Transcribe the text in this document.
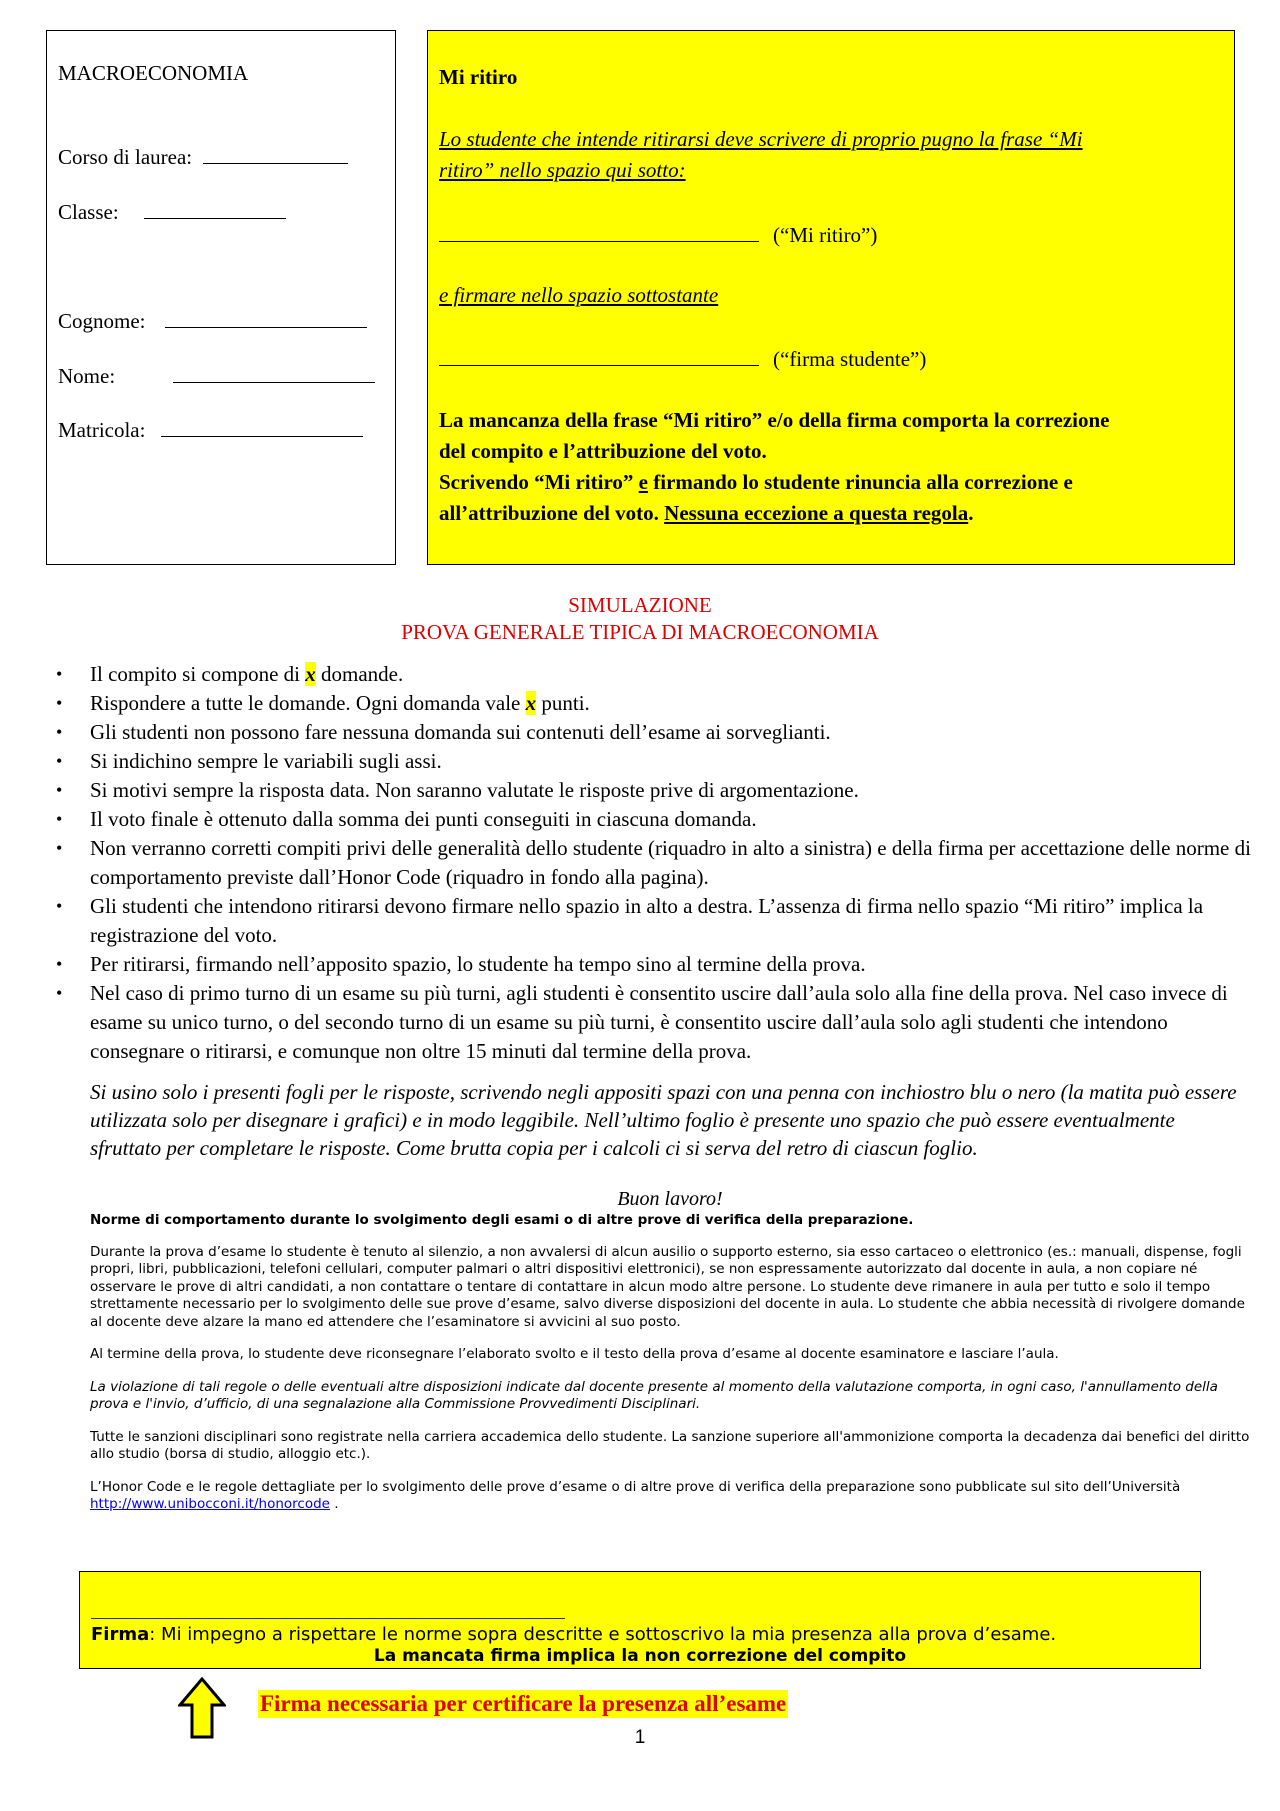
MACROECONOMIA
Corso di laurea:
Classe:
Cognome:
Nome:
Matricola:
Mi ritiro
Lo studente che intende ritirarsi deve scrivere di proprio pugno la frase “Mi
ritiro” nello spazio qui sotto:
(“Mi ritiro”)
e firmare nello spazio sottostante
(“firma studente”)
La mancanza della frase “Mi ritiro” e/o della firma comporta la correzione
del compito e l’attribuzione del voto.
Scrivendo “Mi ritiro” e firmando lo studente rinuncia alla correzione e
all’attribuzione del voto. Nessuna eccezione a questa regola.
SIMULAZIONE
PROVA GENERALE TIPICA DI MACROECONOMIA
• Il compito si compone di x domande.
• Rispondere a tutte le domande. Ogni domanda vale x punti.
• Gli studenti non possono fare nessuna domanda sui contenuti dell’esame ai sorveglianti.
• Si indichino sempre le variabili sugli assi.
• Si motivi sempre la risposta data. Non saranno valutate le risposte prive di argomentazione.
• Il voto finale è ottenuto dalla somma dei punti conseguiti in ciascuna domanda.
• Non verranno corretti compiti privi delle generalità dello studente (riquadro in alto a sinistra) e della firma per accettazione delle norme di comportamento previste dall’Honor Code (riquadro in fondo alla pagina).
• Gli studenti che intendono ritirarsi devono firmare nello spazio in alto a destra. L’assenza di firma nello spazio “Mi ritiro” implica la registrazione del voto.
• Per ritirarsi, firmando nell’apposito spazio, lo studente ha tempo sino al termine della prova.
• Nel caso di primo turno di un esame su più turni, agli studenti è consentito uscire dall’aula solo alla fine della prova. Nel caso invece di esame su unico turno, o del secondo turno di un esame su più turni, è consentito uscire dall’aula solo agli studenti che intendono consegnare o ritirarsi, e comunque non oltre 15 minuti dal termine della prova.

Si usino solo i presenti fogli per le risposte, scrivendo negli appositi spazi con una penna con inchiostro blu o nero (la matita può essere utilizzata solo per disegnare i grafici) e in modo leggibile. Nell’ultimo foglio è presente uno spazio che può essere eventualmente sfruttato per completare le risposte. Come brutta copia per i calcoli ci si serva del retro di ciascun foglio.

Buon lavoro!

Norme di comportamento durante lo svolgimento degli esami o di altre prove di verifica della preparazione.

Durante la prova d’esame lo studente è tenuto al silenzio, a non avvalersi di alcun ausilio o supporto esterno, sia esso cartaceo o elettronico (es.: manuali, dispense, fogli propri, libri, pubblicazioni, telefoni cellulari, computer palmari o altri dispositivi elettronici), se non espressamente autorizzato dal docente in aula, a non copiare né osservare le prove di altri candidati, a non contattare o tentare di contattare in alcun modo altre persone. Lo studente deve rimanere in aula per tutto e solo il tempo strettamente necessario per lo svolgimento delle sue prove d’esame, salvo diverse disposizioni del docente in aula. Lo studente che abbia necessità di rivolgere domande al docente deve alzare la mano ed attendere che l’esaminatore si avvicini al suo posto.

Al termine della prova, lo studente deve riconsegnare l’elaborato svolto e il testo della prova d’esame al docente esaminatore e lasciare l’aula.

La violazione di tali regole o delle eventuali altre disposizioni indicate dal docente presente al momento della valutazione comporta, in ogni caso, l'annullamento della prova e l'invio, d’ufficio, di una segnalazione alla Commissione Provvedimenti Disciplinari.

Tutte le sanzioni disciplinari sono registrate nella carriera accademica dello studente. La sanzione superiore all'ammonizione comporta la decadenza dai benefici del diritto allo studio (borsa di studio, alloggio etc.).

L’Honor Code e le regole dettagliate per lo svolgimento delle prove d’esame o di altre prove di verifica della preparazione sono pubblicate sul sito dell’Università http://www.unibocconi.it/honorcode .

Firma: Mi impegno a rispettare le norme sopra descritte e sottoscrivo la mia presenza alla prova d’esame.
La mancata firma implica la non correzione del compito
Firma necessaria per certificare la presenza all’esame
1
